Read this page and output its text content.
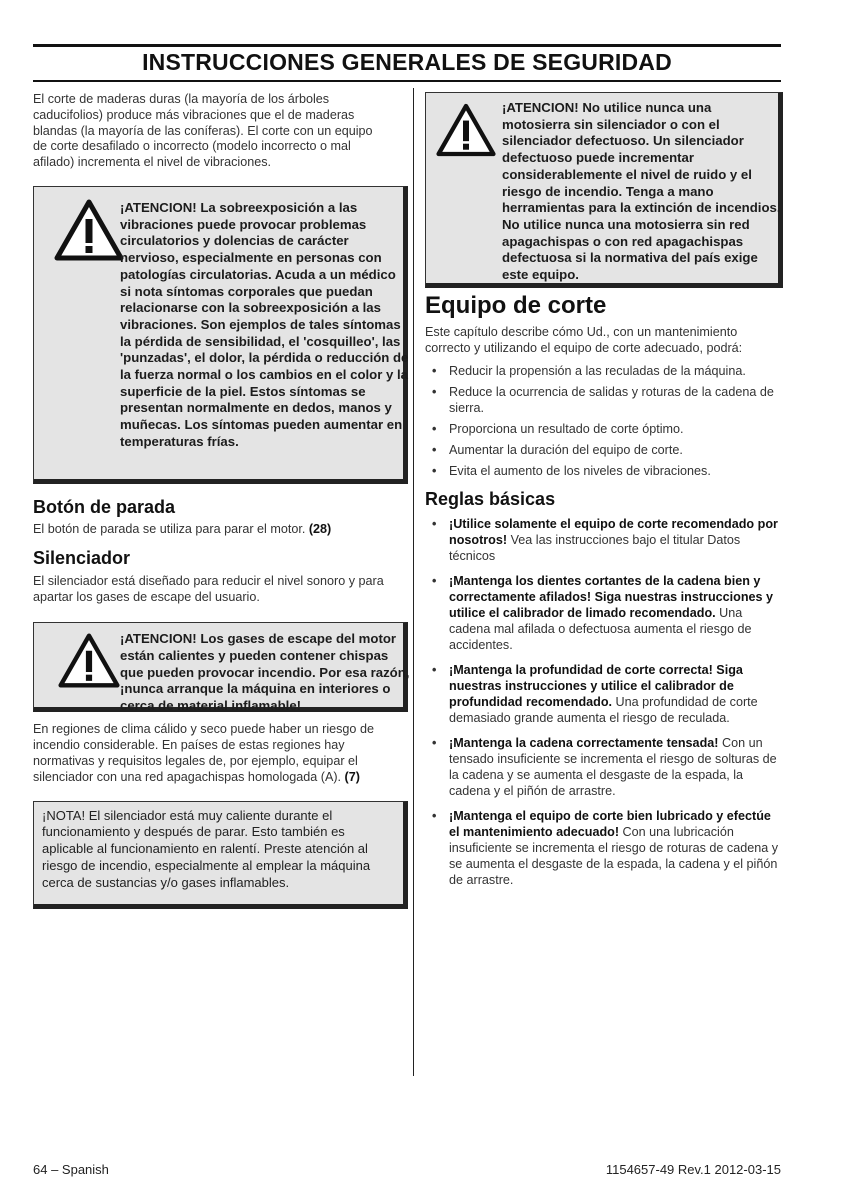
INSTRUCCIONES GENERALES DE SEGURIDAD

El corte de maderas duras (la mayoría de los árboles caducifolios) produce más vibraciones que el de maderas blandas (la mayoría de las coníferas). El corte con un equipo de corte desafilado o incorrecto (modelo incorrecto o mal afilado) incrementa el nivel de vibraciones.

¡ATENCION! La sobreexposición a las vibraciones puede provocar problemas circulatorios y dolencias de carácter nervioso, especialmente en personas con patologías circulatorias. Acuda a un médico si nota síntomas corporales que puedan relacionarse con la sobreexposición a las vibraciones. Son ejemplos de tales síntomas la pérdida de sensibilidad, el 'cosquilleo', las 'punzadas', el dolor, la pérdida o reducción de la fuerza normal o los cambios en el color y la superficie de la piel. Estos síntomas se presentan normalmente en dedos, manos y muñecas. Los síntomas pueden aumentar en temperaturas frías.
Botón de parada

El botón de parada se utiliza para parar el motor. (28)

Silenciador

El silenciador está diseñado para reducir el nivel sonoro y para apartar los gases de escape del usuario.

¡ATENCION! Los gases de escape del motor están calientes y pueden contener chispas que pueden provocar incendio. Por esa razón, ¡nunca arranque la máquina en interiores o cerca de material inflamable!

En regiones de clima cálido y seco puede haber un riesgo de incendio considerable. En países de estas regiones hay normativas y requisitos legales de, por ejemplo, equipar el silenciador con una red apagachispas homologada (A). (7)

¡NOTA! El silenciador está muy caliente durante el funcionamiento y después de parar. Esto también es aplicable al funcionamiento en ralentí. Preste atención al riesgo de incendio, especialmente al emplear la máquina cerca de sustancias y/o gases inflamables.

¡ATENCION! No utilice nunca una motosierra sin silenciador o con el silenciador defectuoso. Un silenciador defectuoso puede incrementar considerablemente el nivel de ruido y el riesgo de incendio. Tenga a mano herramientas para la extinción de incendios. No utilice nunca una motosierra sin red apagachispas o con red apagachispas defectuosa si la normativa del país exige este equipo.
Equipo de corte

Este capítulo describe cómo Ud., con un mantenimiento correcto y utilizando el equipo de corte adecuado, podrá:

• Reducir la propensión a las reculadas de la máquina.
• Reduce la ocurrencia de salidas y roturas de la cadena de sierra.
• Proporciona un resultado de corte óptimo.
• Aumentar la duración del equipo de corte.
• Evita el aumento de los niveles de vibraciones.
Reglas básicas
• ¡Utilice solamente el equipo de corte recomendado por nosotros! Vea las instrucciones bajo el titular Datos técnicos
• ¡Mantenga los dientes cortantes de la cadena bien y correctamente afilados! Siga nuestras instrucciones y utilice el calibrador de limado recomendado. Una cadena mal afilada o defectuosa aumenta el riesgo de accidentes.
• ¡Mantenga la profundidad de corte correcta! Siga nuestras instrucciones y utilice el calibrador de profundidad recomendado. Una profundidad de corte demasiado grande aumenta el riesgo de reculada.
• ¡Mantenga la cadena correctamente tensada! Con un tensado insuficiente se incrementa el riesgo de solturas de la cadena y se aumenta el desgaste de la espada, la cadena y el piñón de arrastre.
• ¡Mantenga el equipo de corte bien lubricado y efectúe el mantenimiento adecuado! Con una lubricación insuficiente se incrementa el riesgo de roturas de cadena y se aumenta el desgaste de la espada, la cadena y el piñón de arrastre.
64 – Spanish	1154657-49 Rev.1 2012-03-15
